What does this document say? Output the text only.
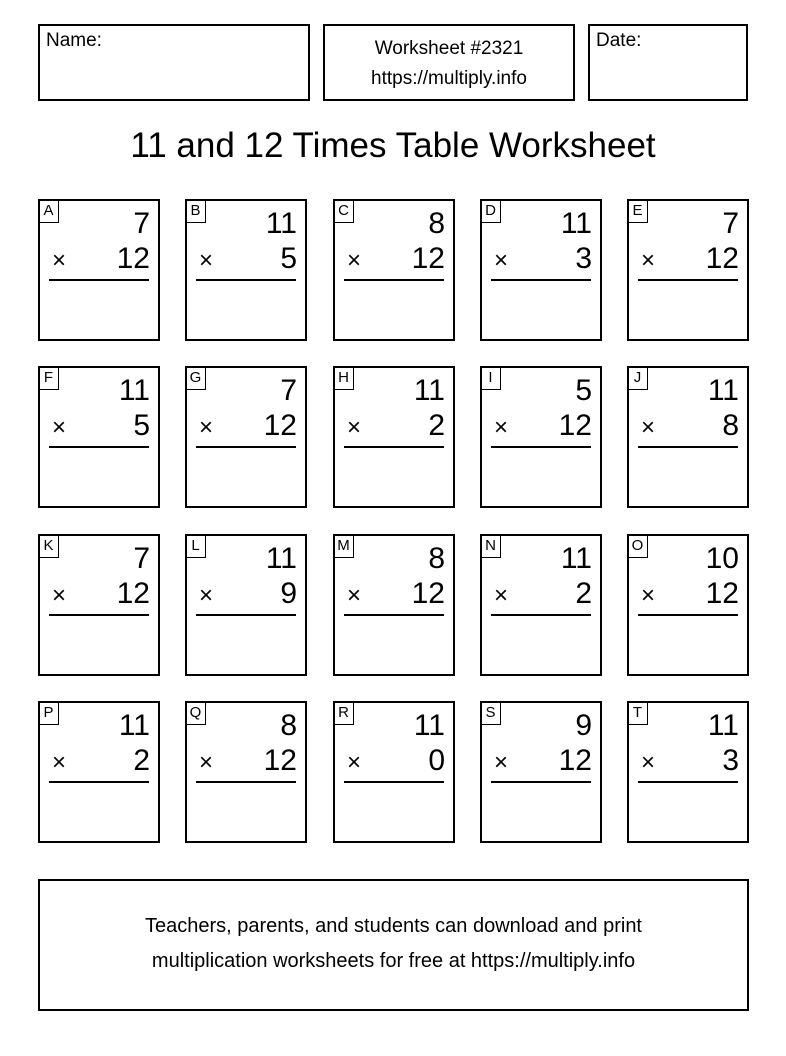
Name:	Worksheet #2321
https://multiply.info
Date:
11 and 12 Times Table Worksheet
A	7
× 12
B 11
× 5
C	8
× 12
D 11
× 3
E	7
× 12
F 11
× 5
G	7
× 12
H 11
× 2
I	5
× 12
J 11
× 8
K	7
× 12
L 11
× 9
M	8
× 12
N 11
× 2
O 10
× 12
P 11
× 2
Q	8
× 12
R 11
× 0
S	9
× 12
T 11
× 3
Teachers, parents, and students can download and print
multiplication worksheets for free at https://multiply.info
